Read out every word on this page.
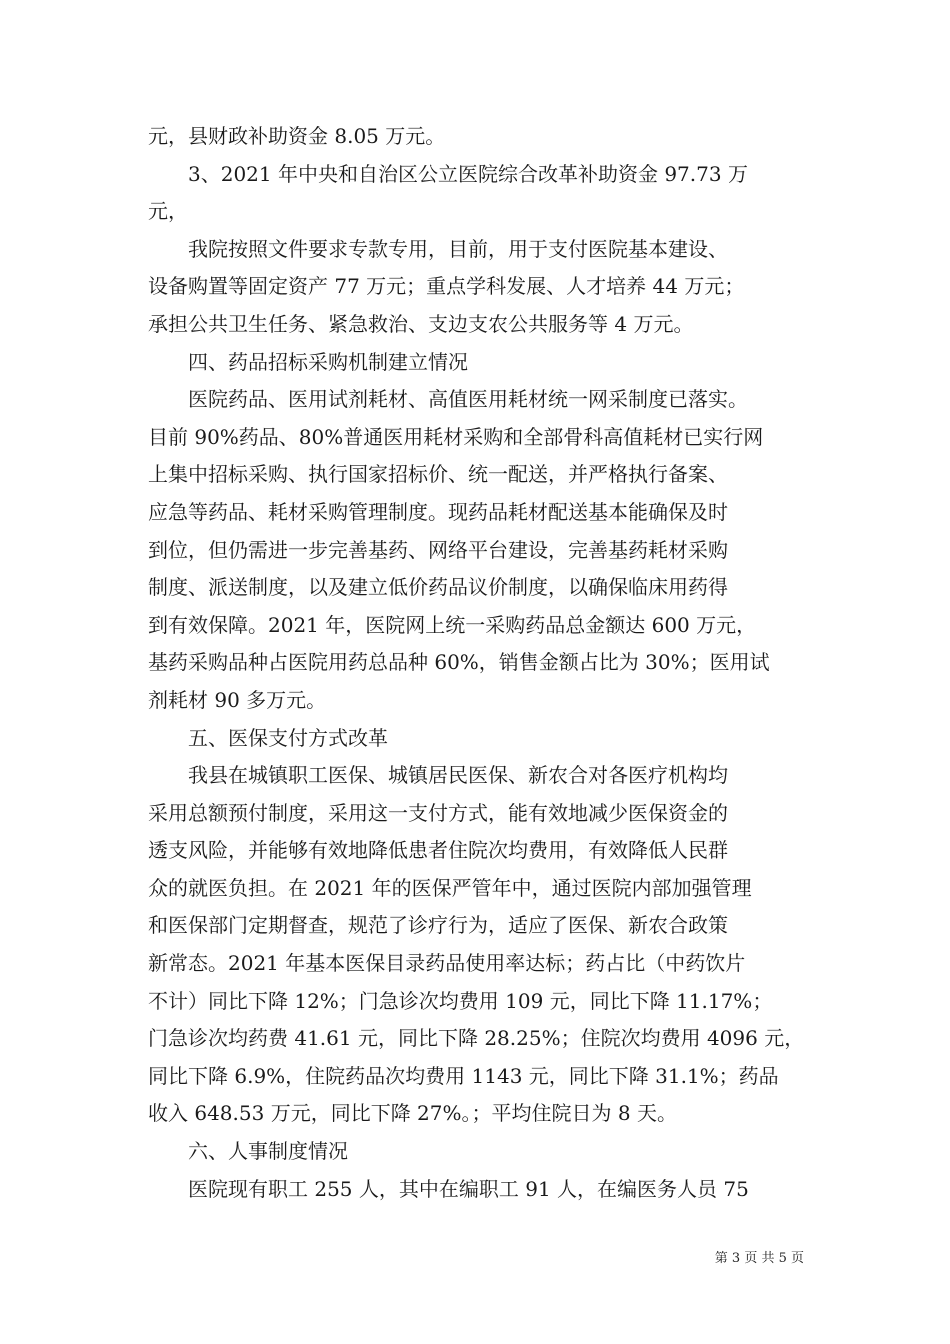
元，县财政补助资金 8.05 万元。
3、2021 年中央和自治区公立医院综合改革补助资金 97.73 万
元，
我院按照文件要求专款专用，目前，用于支付医院基本建设、
设备购置等固定资产 77 万元；重点学科发展、人才培养 44 万元；
承担公共卫生任务、紧急救治、支边支农公共服务等 4 万元。
四、药品招标采购机制建立情况
医院药品、医用试剂耗材、高值医用耗材统一网采制度已落实。
目前 90%药品、80%普通医用耗材采购和全部骨科高值耗材已实行网
上集中招标采购、执行国家招标价、统一配送，并严格执行备案、
应急等药品、耗材采购管理制度。现药品耗材配送基本能确保及时
到位，但仍需进一步完善基药、网络平台建设，完善基药耗材采购
制度、派送制度，以及建立低价药品议价制度，以确保临床用药得
到有效保障。2021 年，医院网上统一采购药品总金额达 600 万元，
基药采购品种占医院用药总品种 60%，销售金额占比为 30%；医用试
剂耗材 90 多万元。
五、医保支付方式改革
我县在城镇职工医保、城镇居民医保、新农合对各医疗机构均
采用总额预付制度，采用这一支付方式，能有效地减少医保资金的
透支风险，并能够有效地降低患者住院次均费用，有效降低人民群
众的就医负担。在 2021 年的医保严管年中，通过医院内部加强管理
和医保部门定期督查，规范了诊疗行为，适应了医保、新农合政策
新常态。2021 年基本医保目录药品使用率达标；药占比（中药饮片
不计）同比下降 12%；门急诊次均费用 109 元，同比下降 11.17%；
门急诊次均药费 41.61 元，同比下降 28.25%；住院次均费用 4096 元，
同比下降 6.9%，住院药品次均费用 1143 元，同比下降 31.1%；药品
收入 648.53 万元，同比下降 27%。；平均住院日为 8 天。
六、人事制度情况
医院现有职工 255 人，其中在编职工 91 人，在编医务人员 75
第 3 页 共 5 页
